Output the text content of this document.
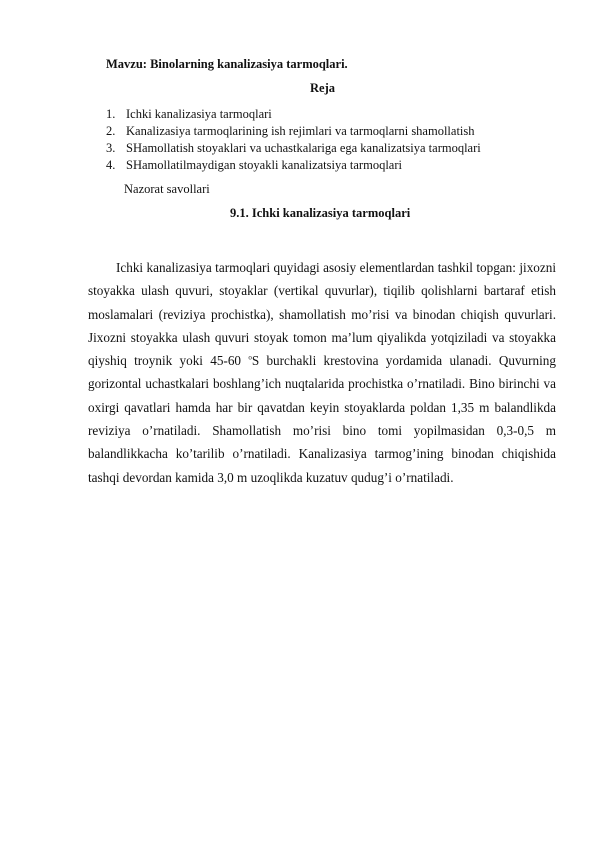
Mavzu: Binolarning kanalizasiya tarmoqlari.
Reja
1. Ichki kanalizasiya tarmoqlari
2. Kanalizasiya tarmoqlarining ish rejimlari va tarmoqlarni shamollatish
3. SHamollatish stoyaklari va uchastkalariga ega kanalizatsiya tarmoqlari
4. SHamollatilmaydigan stoyakli kanalizatsiya tarmoqlari
Nazorat savollari
9.1. Ichki kanalizasiya tarmoqlari

Ichki kanalizasiya tarmoqlari quyidagi asosiy elementlardan tashkil topgan: jixozni stoyakka ulash quvuri, stoyaklar (vertikal quvurlar), tiqilib qolishlarni bartaraf etish moslamalari (reviziya prochistka), shamollatish mo’risi va binodan chiqish quvurlari. Jixozni stoyakka ulash quvuri stoyak tomon ma’lum qiyalikda yotqiziladi va stoyakka qiyshiq troynik yoki 45-60 $^o$S burchakli krestovina yordamida ulanadi. Quvurning gorizontal uchastkalari boshlang’ich nuqtalarida prochistka o’rnatiladi. Bino birinchi va oxirgi qavatlari hamda har bir qavatdan keyin stoyaklarda poldan 1,35 m balandlikda reviziya o’rnatiladi. Shamollatish mo’risi bino tomi yopilmasidan 0,3-0,5 m balandlikkacha ko’tarilib o’rnatiladi. Kanalizasiya tarmog’ining binodan chiqishida tashqi devordan kamida 3,0 m uzoqlikda kuzatuv qudug’i o’rnatiladi.
